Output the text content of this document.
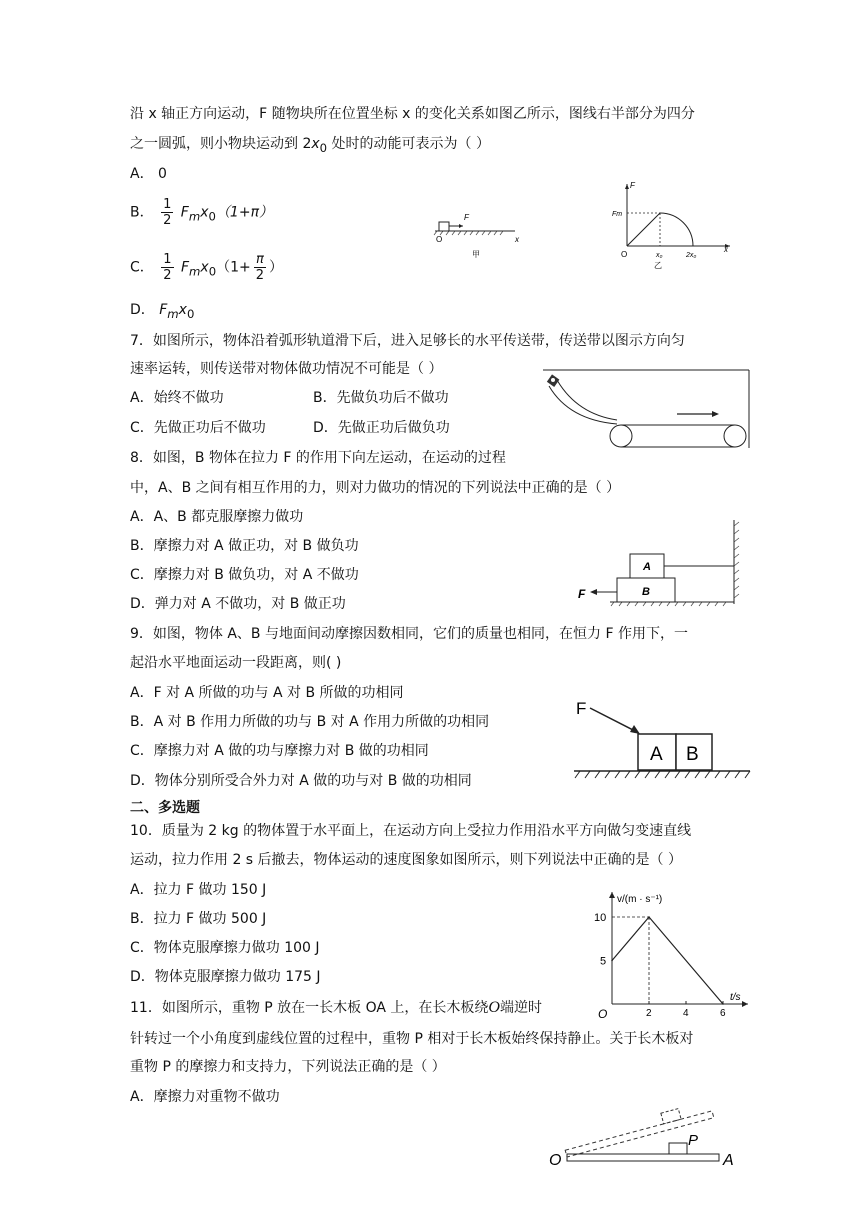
沿 x 轴正方向运动，F 随物块所在位置坐标 x 的变化关系如图乙所示，图线右半部分为四分
之一圆弧，则小物块运动到 $2x_0$ 处时的动能可表示为（ ）
A． 0
B． $\frac{1}{2} F_mx_0(1+\pi)$
C． $\frac{1}{2} F_mx_0(1+ \frac{\pi}{2}$ ）
D． $F_mx_0$
F
O	x
甲
F
Fm
O	x₀	2x₀
x
乙
7．如图所示，物体沿着弧形轨道滑下后，进入足够长的水平传送带，传送带以图示方向匀
速率运转，则传送带对物体做功情况不可能是（ ）
A．始终不做功	B．先做负功后不做功
C．先做正功后不做功	D．先做正功后做负功
8．如图，B 物体在拉力 F 的作用下向左运动，在运动的过程
中，A、B 之间有相互作用的力，则对力做功的情况的下列说法中正确的是（ ）
A．A、B 都克服摩擦力做功
B．摩擦力对 A 做正功，对 B 做负功
C．摩擦力对 B 做负功，对 A 不做功
D．弹力对 A 不做功，对 B 做正功
A
B
F
9．如图，物体 A、B 与地面间动摩擦因数相同，它们的质量也相同，在恒力 F 作用下，一
起沿水平地面运动一段距离，则( )
A．F 对 A 所做的功与 A 对 B 所做的功相同
B．A 对 B 作用力所做的功与 B 对 A 作用力所做的功相同
C．摩擦力对 A 做的功与摩擦力对 B 做的功相同
D．物体分别所受合外力对 A 做的功与对 B 做的功相同
F
A B
二、多选题
10．质量为 2 kg 的物体置于水平面上，在运动方向上受拉力作用沿水平方向做匀变速直线
运动，拉力作用 2 s 后撤去，物体运动的速度图象如图所示，则下列说法中正确的是（ ）
A．拉力 F 做功 150 J
B．拉力 F 做功 500 J
C．物体克服摩擦力做功 100 J
D．物体克服摩擦力做功 175 J
v/(m · s⁻¹)
t/s
O	2	4	6
5
10
11．如图所示，重物 P 放在一长木板 OA 上，在长木板绕O端逆时
针转过一个小角度到虚线位置的过程中，重物 P 相对于长木板始终保持静止。关于长木板对
重物 P 的摩擦力和支持力，下列说法正确的是（ ）
A．摩擦力对重物不做功
O	A
P
